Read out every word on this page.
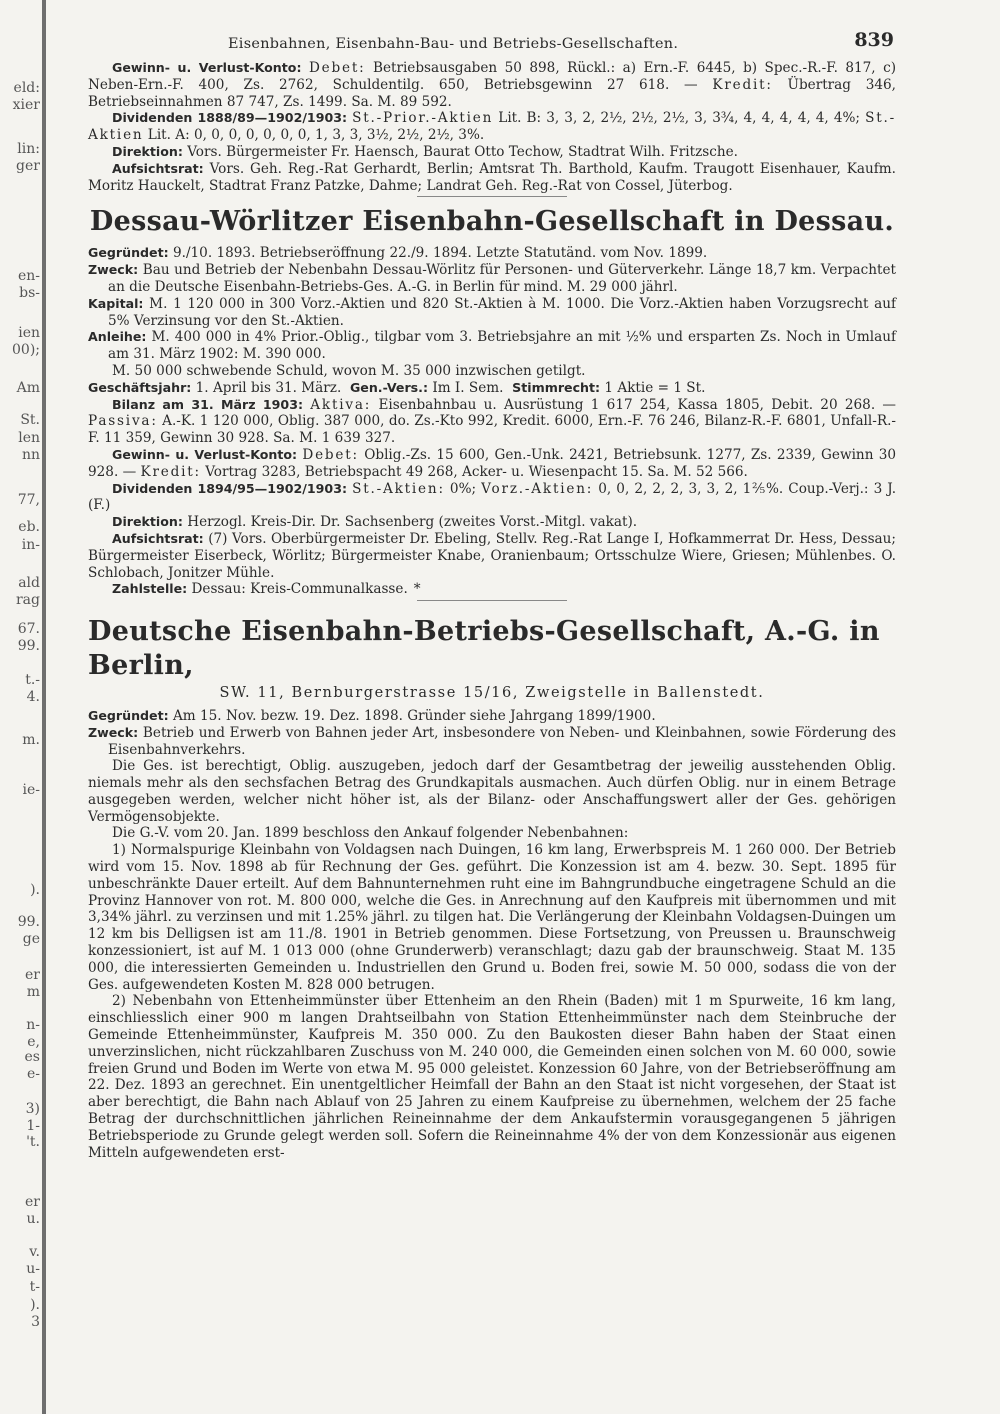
eld:
xier
lin:
ger
en-
bs-
ien
00);
Am
St.
len
nn
77,
eb.
in-
ald
rag
67.
99.
t.-
4.
m.
ie-
).
99.
ge
er
m
n-
e,
es
e-
3)
1-
't.
er
u.
v.
u-
t-
).
3
Eisenbahnen, Eisenbahn-Bau- und Betriebs-Gesellschaften.	839

Gewinn- u. Verlust-Konto: Debet: Betriebsausgaben 50 898, Rückl.: a) Ern.-F. 6445, b) Spec.-R.-F. 817, c) Neben-Ern.-F. 400, Zs. 2762, Schuldentilg. 650, Betriebsgewinn 27 618. — Kredit: Übertrag 346, Betriebseinnahmen 87 747, Zs. 1499. Sa. M. 89 592.

Dividenden 1888/89—1902/1903: St.-Prior.-Aktien Lit. B: 3, 3, 2, 2½, 2½, 2½, 3, 3¾, 4, 4, 4, 4, 4, 4%; St.-Aktien Lit. A: 0, 0, 0, 0, 0, 0, 0, 1, 3, 3, 3½, 2½, 2½, 3%.

Direktion: Vors. Bürgermeister Fr. Haensch, Baurat Otto Techow, Stadtrat Wilh. Fritzsche.

Aufsichtsrat: Vors. Geh. Reg.-Rat Gerhardt, Berlin; Amtsrat Th. Barthold, Kaufm. Traugott Eisenhauer, Kaufm. Moritz Hauckelt, Stadtrat Franz Patzke, Dahme; Landrat Geh. Reg.-Rat von Cossel, Jüterbog.

Dessau-Wörlitzer Eisenbahn-Gesellschaft in Dessau.

Gegründet: 9./10. 1893. Betriebseröffnung 22./9. 1894. Letzte Statutänd. vom Nov. 1899.

Zweck: Bau und Betrieb der Nebenbahn Dessau-Wörlitz für Personen- und Güterverkehr. Länge 18,7 km. Verpachtet an die Deutsche Eisenbahn-Betriebs-Ges. A.-G. in Berlin für mind. M. 29 000 jährl.

Kapital: M. 1 120 000 in 300 Vorz.-Aktien und 820 St.-Aktien à M. 1000. Die Vorz.-Aktien haben Vorzugsrecht auf 5% Verzinsung vor den St.-Aktien.

Anleihe: M. 400 000 in 4% Prior.-Oblig., tilgbar vom 3. Betriebsjahre an mit ½% und ersparten Zs. Noch in Umlauf am 31. März 1902: M. 390 000.

M. 50 000 schwebende Schuld, wovon M. 35 000 inzwischen getilgt.

Geschäftsjahr: 1. April bis 31. März. Gen.-Vers.: Im I. Sem. Stimmrecht: 1 Aktie = 1 St.

Bilanz am 31. März 1903: Aktiva: Eisenbahnbau u. Ausrüstung 1 617 254, Kassa 1805, Debit. 20 268. — Passiva: A.-K. 1 120 000, Oblig. 387 000, do. Zs.-Kto 992, Kredit. 6000, Ern.-F. 76 246, Bilanz-R.-F. 6801, Unfall-R.-F. 11 359, Gewinn 30 928. Sa. M. 1 639 327.

Gewinn- u. Verlust-Konto: Debet: Oblig.-Zs. 15 600, Gen.-Unk. 2421, Betriebsunk. 1277, Zs. 2339, Gewinn 30 928. — Kredit: Vortrag 3283, Betriebspacht 49 268, Acker- u. Wiesenpacht 15. Sa. M. 52 566.

Dividenden 1894/95—1902/1903: St.-Aktien: 0%; Vorz.-Aktien: 0, 0, 2, 2, 2, 3, 3, 2, 1⅖%. Coup.-Verj.: 3 J. (F.)

Direktion: Herzogl. Kreis-Dir. Dr. Sachsenberg (zweites Vorst.-Mitgl. vakat).

Aufsichtsrat: (7) Vors. Oberbürgermeister Dr. Ebeling, Stellv. Reg.-Rat Lange I, Hofkammerrat Dr. Hess, Dessau; Bürgermeister Eiserbeck, Wörlitz; Bürgermeister Knabe, Oranienbaum; Ortsschulze Wiere, Griesen; Mühlenbes. O. Schlobach, Jonitzer Mühle.

Zahlstelle: Dessau: Kreis-Communalkasse. *

Deutsche Eisenbahn-Betriebs-Gesellschaft, A.-G. in Berlin,
SW. 11, Bernburgerstrasse 15/16, Zweigstelle in Ballenstedt.

Gegründet: Am 15. Nov. bezw. 19. Dez. 1898. Gründer siehe Jahrgang 1899/1900.

Zweck: Betrieb und Erwerb von Bahnen jeder Art, insbesondere von Neben- und Kleinbahnen, sowie Förderung des Eisenbahnverkehrs.

Die Ges. ist berechtigt, Oblig. auszugeben, jedoch darf der Gesamtbetrag der jeweilig ausstehenden Oblig. niemals mehr als den sechsfachen Betrag des Grundkapitals ausmachen. Auch dürfen Oblig. nur in einem Betrage ausgegeben werden, welcher nicht höher ist, als der Bilanz- oder Anschaffungswert aller der Ges. gehörigen Vermögensobjekte.

Die G.-V. vom 20. Jan. 1899 beschloss den Ankauf folgender Nebenbahnen:

1) Normalspurige Kleinbahn von Voldagsen nach Duingen, 16 km lang, Erwerbspreis M. 1 260 000. Der Betrieb wird vom 15. Nov. 1898 ab für Rechnung der Ges. geführt. Die Konzession ist am 4. bezw. 30. Sept. 1895 für unbeschränkte Dauer erteilt. Auf dem Bahnunternehmen ruht eine im Bahngrundbuche eingetragene Schuld an die Provinz Hannover von rot. M. 800 000, welche die Ges. in Anrechnung auf den Kaufpreis mit übernommen und mit 3,34% jährl. zu verzinsen und mit 1.25% jährl. zu tilgen hat. Die Verlängerung der Kleinbahn Voldagsen-Duingen um 12 km bis Delligsen ist am 11./8. 1901 in Betrieb genommen. Diese Fortsetzung, von Preussen u. Braunschweig konzessioniert, ist auf M. 1 013 000 (ohne Grunderwerb) veranschlagt; dazu gab der braunschweig. Staat M. 135 000, die interessierten Gemeinden u. Industriellen den Grund u. Boden frei, sowie M. 50 000, sodass die von der Ges. aufgewendeten Kosten M. 828 000 betrugen.

2) Nebenbahn von Ettenheimmünster über Ettenheim an den Rhein (Baden) mit 1 m Spurweite, 16 km lang, einschliesslich einer 900 m langen Drahtseilbahn von Station Ettenheimmünster nach dem Steinbruche der Gemeinde Ettenheimmünster, Kaufpreis M. 350 000. Zu den Baukosten dieser Bahn haben der Staat einen unverzinslichen, nicht rückzahlbaren Zuschuss von M. 240 000, die Gemeinden einen solchen von M. 60 000, sowie freien Grund und Boden im Werte von etwa M. 95 000 geleistet. Konzession 60 Jahre, von der Betriebseröffnung am 22. Dez. 1893 an gerechnet. Ein unentgeltlicher Heimfall der Bahn an den Staat ist nicht vorgesehen, der Staat ist aber berechtigt, die Bahn nach Ablauf von 25 Jahren zu einem Kaufpreise zu übernehmen, welchem der 25 fache Betrag der durchschnittlichen jährlichen Reineinnahme der dem Ankaufstermin vorausgegangenen 5 jährigen Betriebsperiode zu Grunde gelegt werden soll. Sofern die Reineinnahme 4% der von dem Konzessionär aus eigenen Mitteln aufgewendeten erst-
